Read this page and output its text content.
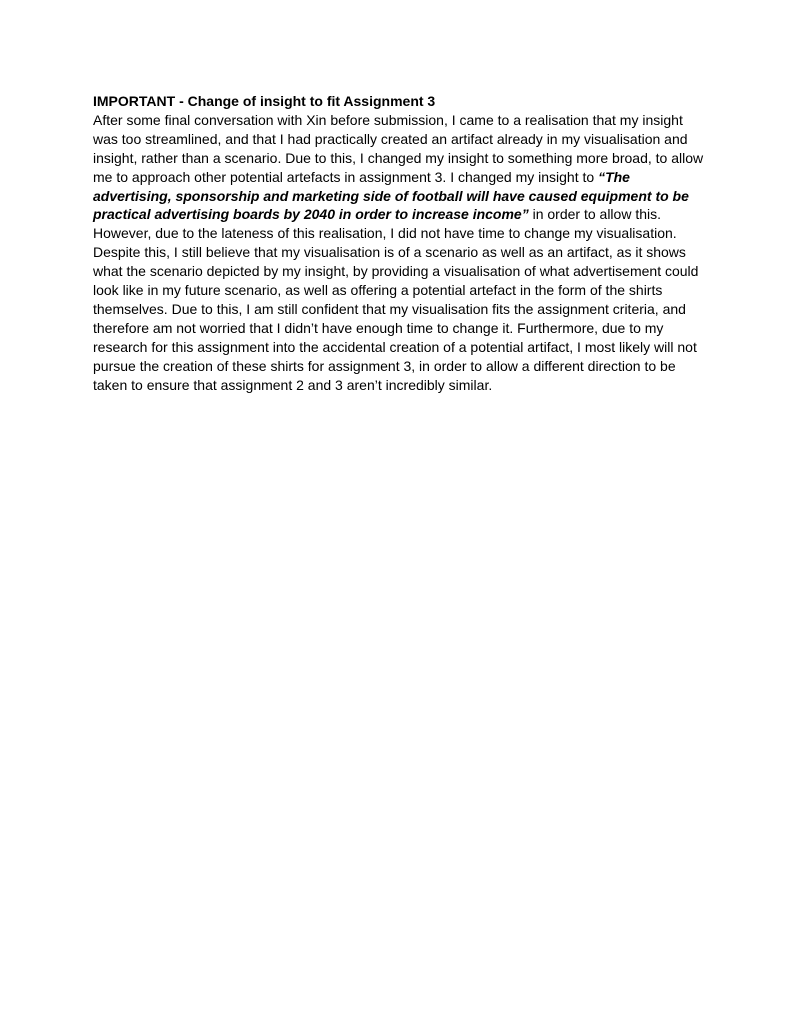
IMPORTANT - Change of insight to fit Assignment 3

After some final conversation with Xin before submission, I came to a realisation that my insight was too streamlined, and that I had practically created an artifact already in my visualisation and insight, rather than a scenario. Due to this, I changed my insight to something more broad, to allow me to approach other potential artefacts in assignment 3. I changed my insight to “The advertising, sponsorship and marketing side of football will have caused equipment to be practical advertising boards by 2040 in order to increase income” in order to allow this. However, due to the lateness of this realisation, I did not have time to change my visualisation. Despite this, I still believe that my visualisation is of a scenario as well as an artifact, as it shows what the scenario depicted by my insight, by providing a visualisation of what advertisement could look like in my future scenario, as well as offering a potential artefact in the form of the shirts themselves. Due to this, I am still confident that my visualisation fits the assignment criteria, and therefore am not worried that I didn’t have enough time to change it. Furthermore, due to my research for this assignment into the accidental creation of a potential artifact, I most likely will not pursue the creation of these shirts for assignment 3, in order to allow a different direction to be taken to ensure that assignment 2 and 3 aren’t incredibly similar.
